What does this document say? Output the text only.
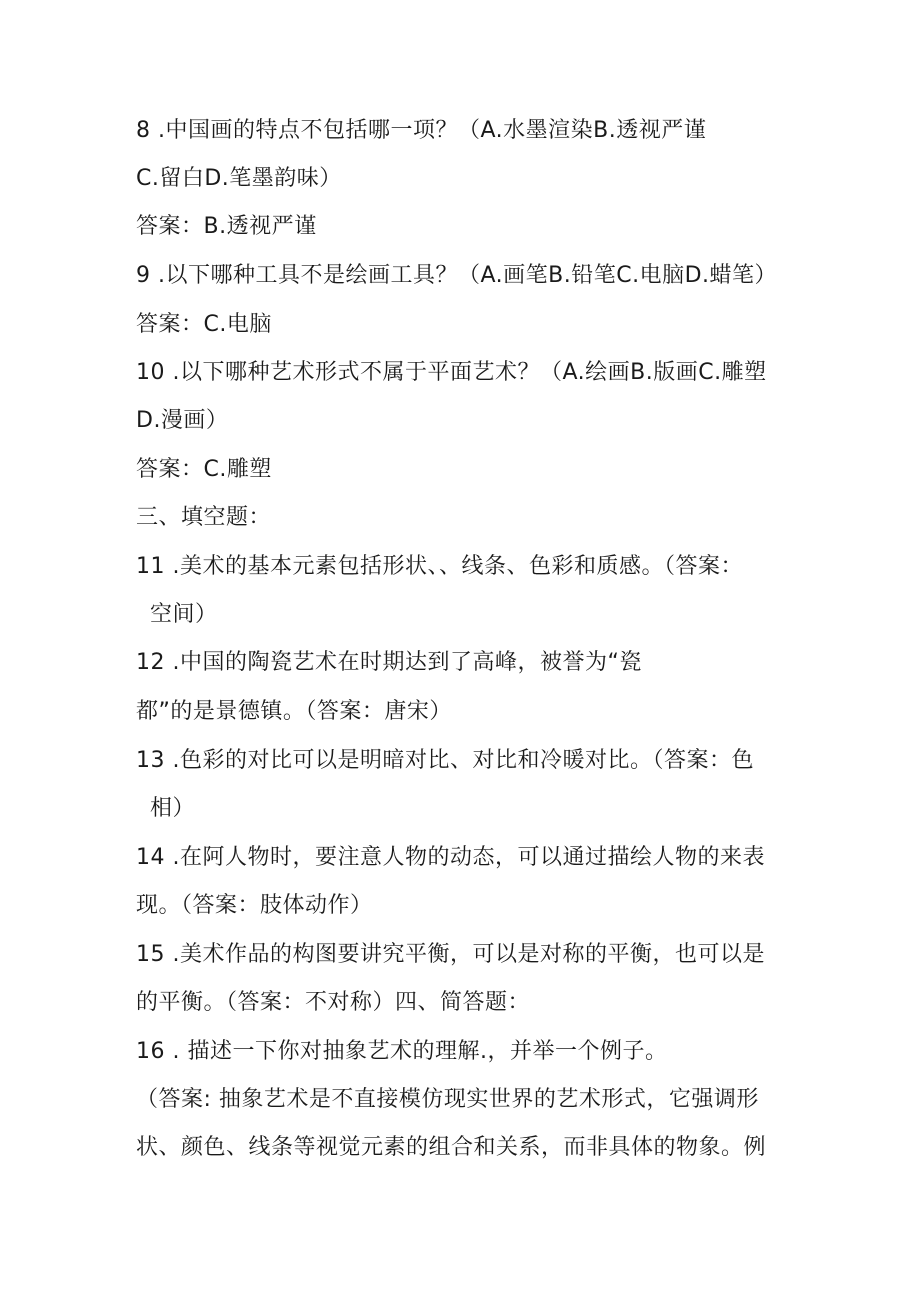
8 .中国画的特点不包括哪一项？（A.水墨渲染B.透视严谨
C.留白D.笔墨韵味）
答案：B.透视严谨
9 .以下哪种工具不是绘画工具？（A.画笔B.铅笔C.电脑D.蜡笔）
答案：C.电脑
10 .以下哪种艺术形式不属于平面艺术？（A.绘画B.版画C.雕塑
D.漫画）
答案：C.雕塑
三、填空题：
11 .美术的基本元素包括形状、、线条、色彩和质感。（答案：
空间）
12 .中国的陶瓷艺术在时期达到了高峰，被誉为“瓷
都”的是景德镇。（答案：唐宋）
13 .色彩的对比可以是明暗对比、对比和冷暖对比。（答案：色
相）
14 .在阿人物时，要注意人物的动态，可以通过描绘人物的来表
现。（答案：肢体动作）
15 .美术作品的构图要讲究平衡，可以是对称的平衡，也可以是
的平衡。（答案：不对称）四、简答题：
16 . 描述一下你对抽象艺术的理解.，并举一个例子。
（答案: 抽象艺术是不直接模仿现实世界的艺术形式，它强调形
状、颜色、线条等视觉元素的组合和关系，而非具体的物象。例
